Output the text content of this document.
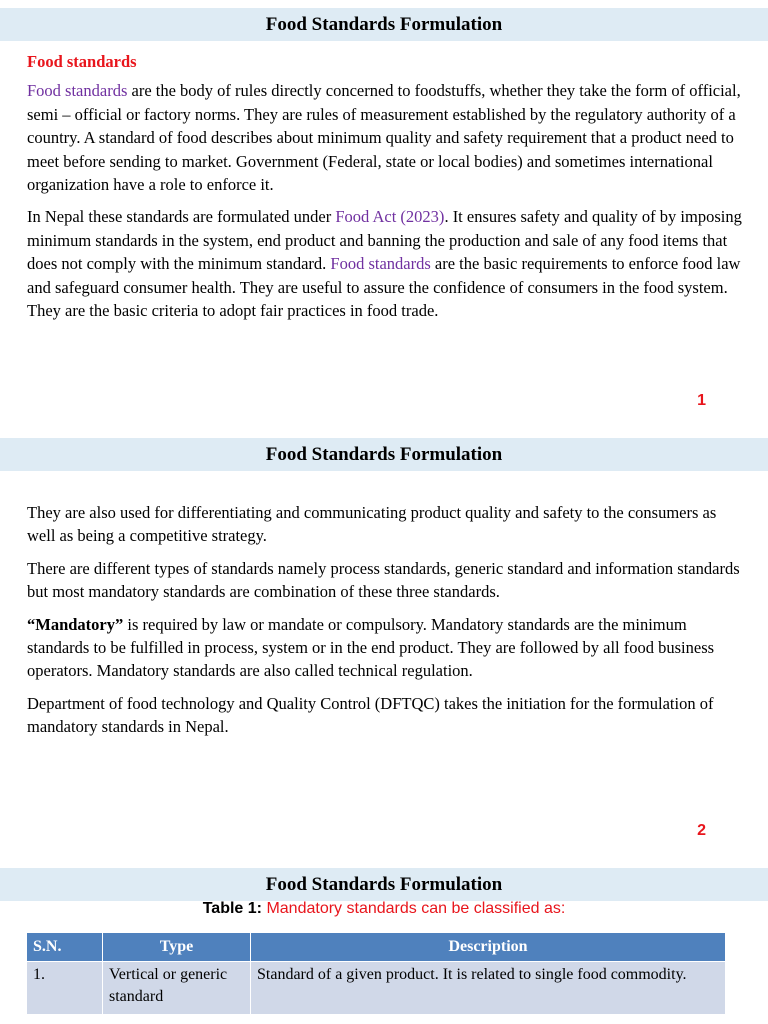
Food Standards Formulation

Food standards

Food standards are the body of rules directly concerned to foodstuffs, whether they take the form of official, semi – official or factory norms. They are rules of measurement established by the regulatory authority of a country. A standard of food describes about minimum quality and safety requirement that a product need to meet before sending to market. Government (Federal, state or local bodies) and sometimes international organization have a role to enforce it.

In Nepal these standards are formulated under Food Act (2023). It ensures safety and quality of by imposing minimum standards in the system, end product and banning the production and sale of any food items that does not comply with the minimum standard. Food standards are the basic requirements to enforce food law and safeguard consumer health. They are useful to assure the confidence of consumers in the food system. They are the basic criteria to adopt fair practices in food trade.

1
Food Standards Formulation

They are also used for differentiating and communicating product quality and safety to the consumers as well as being a competitive strategy.

There are different types of standards namely process standards, generic standard and information standards but most mandatory standards are combination of these three standards.

“Mandatory” is required by law or mandate or compulsory. Mandatory standards are the minimum standards to be fulfilled in process, system or in the end product. They are followed by all food business operators. Mandatory standards are also called technical regulation.

Department of food technology and Quality Control (DFTQC) takes the initiation for the formulation of mandatory standards in Nepal.

2
Food Standards Formulation
Table 1: Mandatory standards can be classified as:
S.N.	Type	Description
1.	Vertical or generic standard	Standard of a given product. It is related to single food commodity.
